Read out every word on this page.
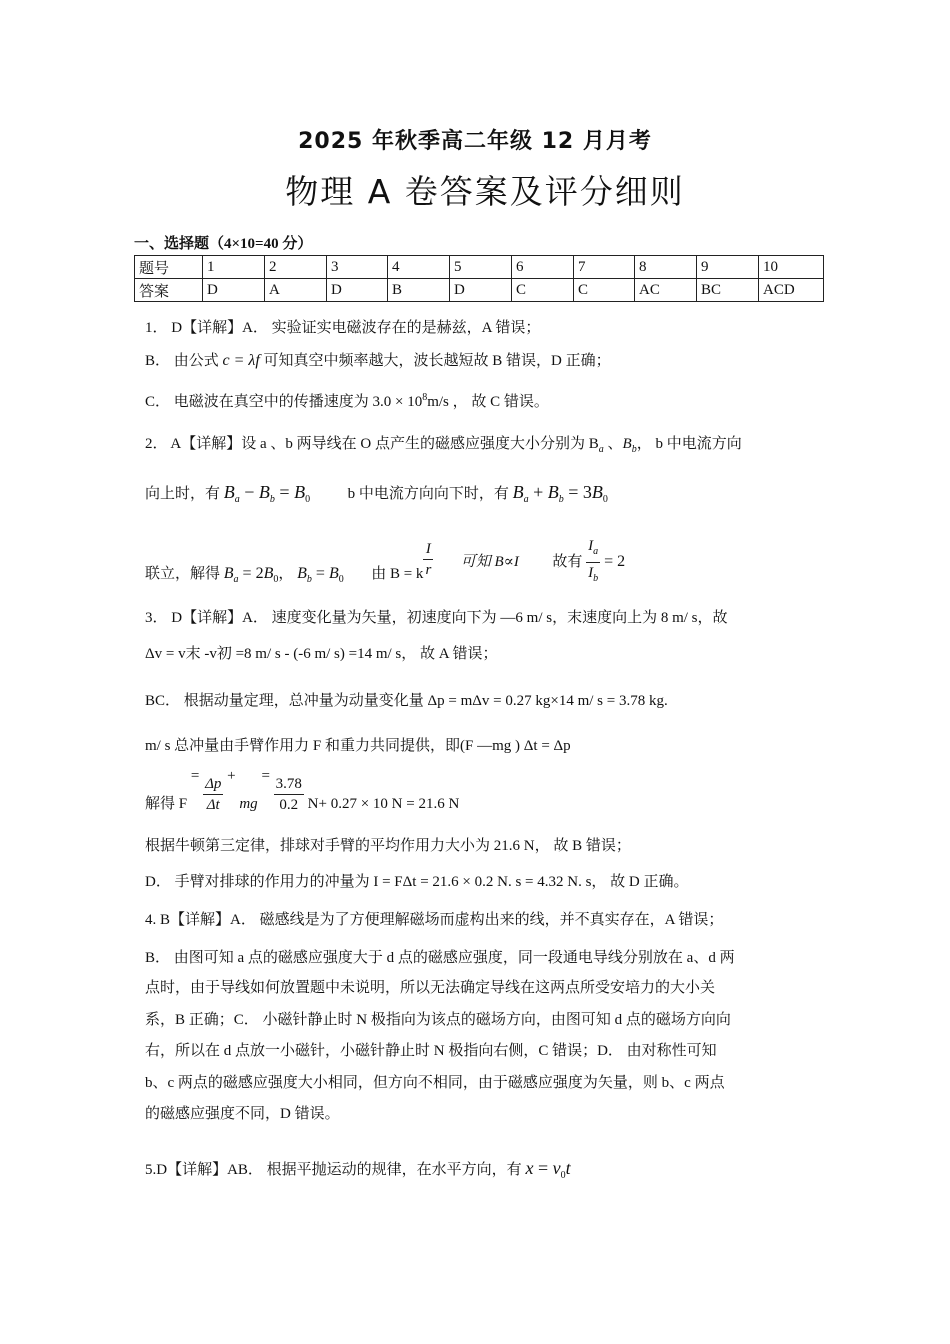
2025 年秋季高二年级 12 月月考
物理 A 卷答案及评分细则
一、选择题（4×10=40 分）
题号	1	2	3	4	5	6	7	8	9	10
答案	D	A	D	B	D	C	C	AC	BC	ACD
1． D【详解】A． 实验证实电磁波存在的是赫兹，A 错误；
B． 由公式 c = λf 可知真空中频率越大，波长越短故 B 错误，D 正确；
C． 电磁波在真空中的传播速度为 $3.0 \times 10^8m/s$ ， 故 C 错误。
2． A【详解】设 a 、b 两导线在 O 点产生的磁感应强度大小分别为 $B_a$ 、$B_b$， b 中电流方向
向上时，有 $B_a - B_b = B_0$	b 中电流方向向下时，有 $B_a + B_b = 3B_0$
联立，解得 $B_a = 2B_0$， $B_b = B_0$ 由 B = k $\frac{I}{r}$ 可知 B∝I 故有 $\frac{I_a}{I_b} = 2$
3． D【详解】A． 速度变化量为矢量，初速度向下为 —6 m/ s，末速度向上为 8 m/ s，故
Δv = v末 -v初 =8 m/ s - (-6 m/ s) =14 m/ s， 故 A 错误；
BC． 根据动量定理，总冲量为动量变化量 Δp = mΔv = 0.27 kg×14 m/ s = 3.78 kg.
m/ s 总冲量由手臂作用力 F 和重力共同提供，即(F —mg ) Δt = Δp
解得 $F = \frac{\Delta p}{\Delta t}$ + mg = $\frac{3.78}{0.2} N+ 0.27 \times 10$ N = 21.6 N
根据牛顿第三定律，排球对手臂的平均作用力大小为 21.6 N， 故 B 错误；
D． 手臂对排球的作用力的冲量为 I = FΔt = 21.6 × 0.2 N. s = 4.32 N. s， 故 D 正确。
4. B【详解】A． 磁感线是为了方便理解磁场而虚构出来的线，并不真实存在，A 错误；
B． 由图可知 a 点的磁感应强度大于 d 点的磁感应强度，同一段通电导线分别放在 a、d 两
点时，由于导线如何放置题中未说明，所以无法确定导线在这两点所受安培力的大小关
系，B 正确；C． 小磁针静止时 N 极指向为该点的磁场方向，由图可知 d 点的磁场方向向
右，所以在 d 点放一小磁针，小磁针静止时 N 极指向右侧，C 错误；D． 由对称性可知
b、c 两点的磁感应强度大小相同，但方向不相同，由于磁感应强度为矢量，则 b、c 两点
的磁感应强度不同，D 错误。
5.D【详解】AB． 根据平抛运动的规律，在水平方向，有 $x = v_0t$
